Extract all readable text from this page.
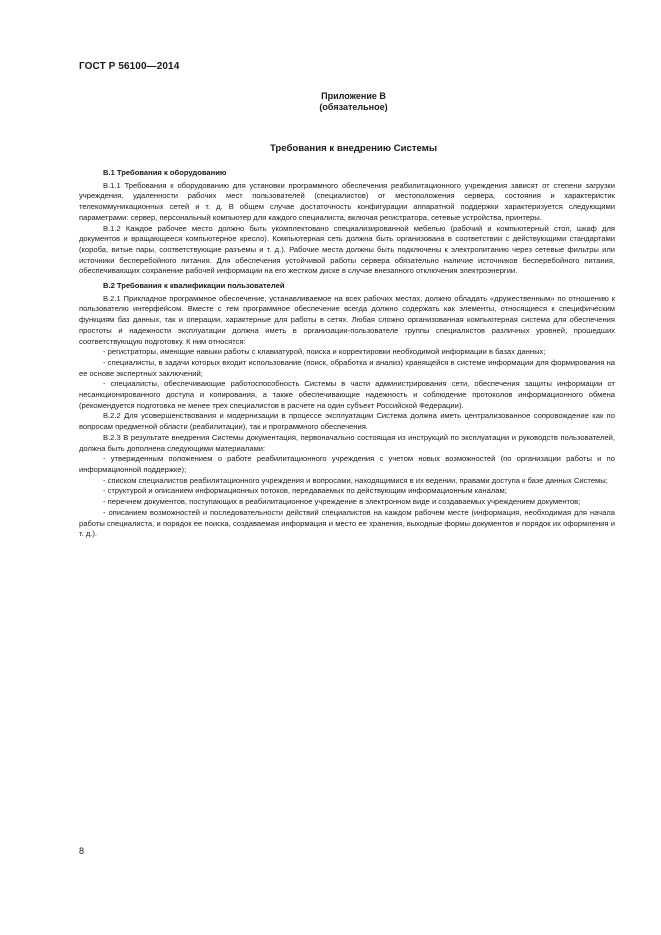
ГОСТ Р 56100—2014
Приложение В
(обязательное)
Требования к внедрению Системы

В.1 Требования к оборудованию

В.1.1 Требования к оборудованию для установки программного обеспечения реабилитационного учреждения зависят от степени загрузки учреждения, удаленности рабочих мест пользователей (специалистов) от местоположения сервера, состояния и характеристик телекоммуникационных сетей и т. д. В общем случае достаточность конфигурации аппаратной поддержки характеризуется следующими параметрами: сервер, персональный компьютер для каждого специалиста, включая регистратора, сетевые устройства, принтеры.

В.1.2 Каждое рабочее место должно быть укомплектовано специализированной мебелью (рабочий и компьютерный стол, шкаф для документов и вращающееся компьютерное кресло). Компьютерная сеть должна быть организована в соответствии с действующими стандартами (короба, витые пары, соответствующие разъемы и т. д.). Рабочие места должны быть подключены к электропитанию через сетевые фильтры или источники бесперебойного питания. Для обеспечения устойчивой работы сервера обязательно наличие источников бесперебойного питания, обеспечивающих сохранение рабочей информации на его жестком диске в случае внезапного отключения электроэнергии.

В.2 Требования к квалификации пользователей

В.2.1 Прикладное программное обеспечение, устанавливаемое на всех рабочих местах, должно обладать «дружественным» по отношению к пользователю интерфейсом. Вместе с тем программное обеспечение всегда должно содержать как элементы, относящиеся к специфическим функциям баз данных, так и операции, характерные для работы в сетях. Любая сложно организованная компьютерная система для обеспечения простоты и надежности эксплуатации должна иметь в организации-пользователе группы специалистов различных уровней, прошедших соответствующую подготовку. К ним относятся:

- регистраторы, имеющие навыки работы с клавиатурой, поиска и корректировки необходимой информации в базах данных;

- специалисты, в задачи которых входит использование (поиск, обработка и анализ) хранящейся в системе информации для формирования на ее основе экспертных заключений;

- специалисты, обеспечивающие работоспособность Системы в части администрирования сети, обеспечения защиты информации от несанкционированного доступа и копирования, а также обеспечивающие надежность и соблюдение протоколов информационного обмена (рекомендуется подготовка не менее трех специалистов в расчете на один субъект Российской Федерации).

В.2.2 Для усовершенствования и модернизации в процессе эксплуатации Система должна иметь централизованное сопровождение как по вопросам предметной области (реабилитации), так и программного обеспечения.

В.2.3 В результате внедрения Системы документация, первоначально состоящая из инструкций по эксплуатации и руководств пользователей, должна быть дополнена следующими материалами:

- утвержденным положением о работе реабилитационного учреждения с учетом новых возможностей (по организации работы и по информационной поддержке);

- списком специалистов реабилитационного учреждения и вопросами, находящимися в их ведении, правами доступа к базе данных Системы;

- структурой и описанием информационных потоков, передаваемых по действующим информационным каналам;

- перечнем документов, поступающих в реабилитационное учреждение в электронном виде и создаваемых учреждением документов;

- описанием возможностей и последовательности действий специалистов на каждом рабочем месте (информация, необходимая для начала работы специалиста, и порядок ее поиска, создаваемая информация и место ее хранения, выходные формы документов и порядок их оформления и т. д.).

8
